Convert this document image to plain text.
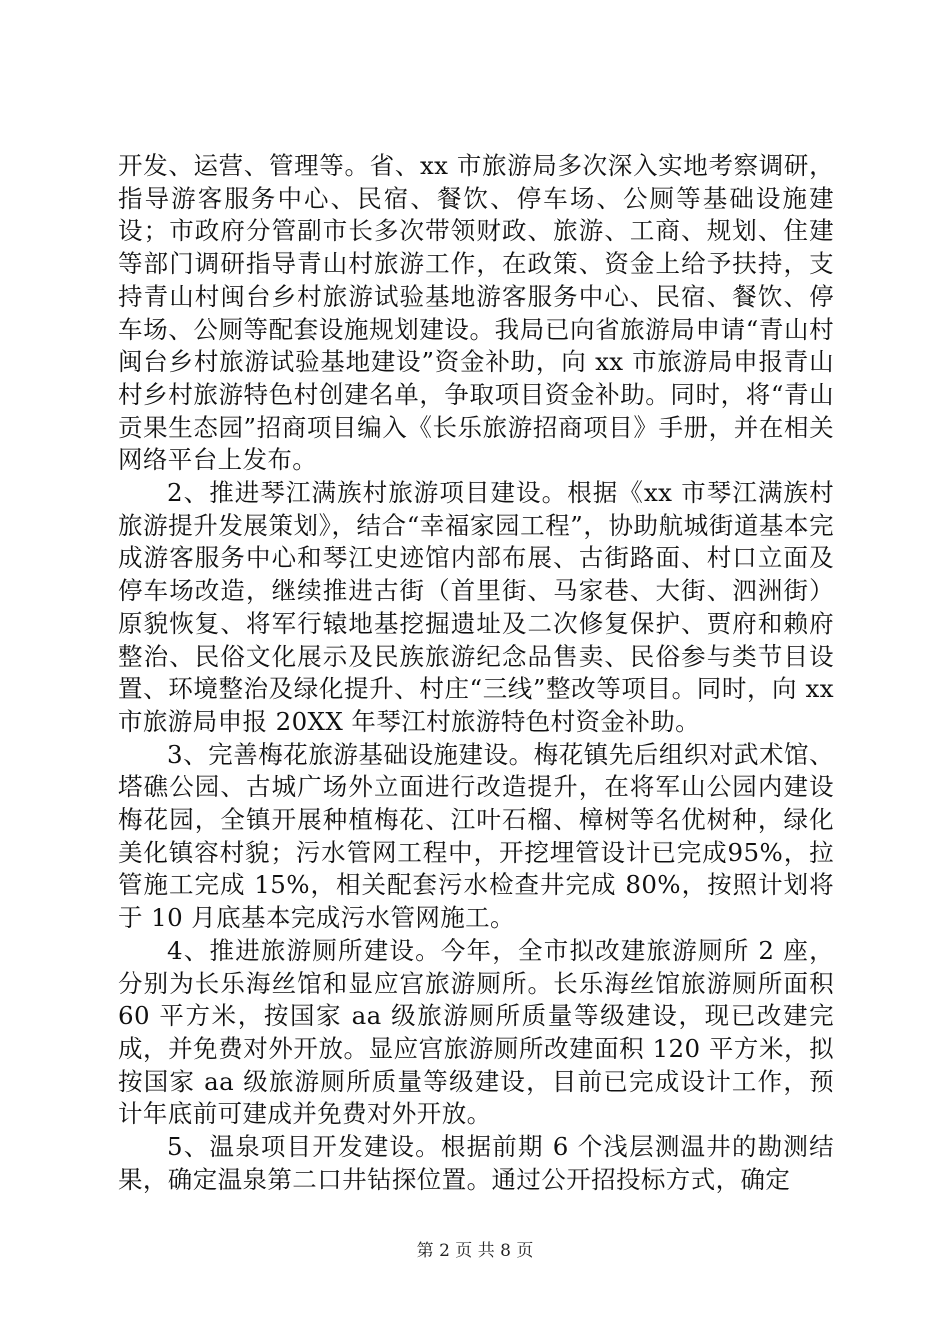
开发、运营、管理等。省、xx 市旅游局多次深入实地考察调研，指导游客服务中心、民宿、餐饮、停车场、公厕等基础设施建设；市政府分管副市长多次带领财政、旅游、工商、规划、住建等部门调研指导青山村旅游工作，在政策、资金上给予扶持，支持青山村闽台乡村旅游试验基地游客服务中心、民宿、餐饮、停车场、公厕等配套设施规划建设。我局已向省旅游局申请“青山村闽台乡村旅游试验基地建设”资金补助，向 xx 市旅游局申报青山村乡村旅游特色村创建名单，争取项目资金补助。同时，将“青山贡果生态园”招商项目编入《长乐旅游招商项目》手册，并在相关网络平台上发布。

2、推进琴江满族村旅游项目建设。根据《xx 市琴江满族村旅游提升发展策划》，结合“幸福家园工程”，协助航城街道基本完成游客服务中心和琴江史迹馆内部布展、古街路面、村口立面及停车场改造，继续推进古街（首里街、马家巷、大街、泗洲街）原貌恢复、将军行辕地基挖掘遗址及二次修复保护、贾府和赖府整治、民俗文化展示及民族旅游纪念品售卖、民俗参与类节目设置、环境整治及绿化提升、村庄“三线”整改等项目。同时，向 xx 市旅游局申报 20XX 年琴江村旅游特色村资金补助。

3、完善梅花旅游基础设施建设。梅花镇先后组织对武术馆、塔礁公园、古城广场外立面进行改造提升，在将军山公园内建设梅花园，全镇开展种植梅花、江叶石榴、樟树等名优树种，绿化美化镇容村貌；污水管网工程中，开挖埋管设计已完成95%，拉管施工完成 15%，相关配套污水检查井完成 80%，按照计划将于 10 月底基本完成污水管网施工。

4、推进旅游厕所建设。今年，全市拟改建旅游厕所 2 座，分别为长乐海丝馆和显应宫旅游厕所。长乐海丝馆旅游厕所面积 60 平方米，按国家 aa 级旅游厕所质量等级建设，现已改建完成，并免费对外开放。显应宫旅游厕所改建面积 120 平方米，拟按国家 aa 级旅游厕所质量等级建设，目前已完成设计工作，预计年底前可建成并免费对外开放。

5、温泉项目开发建设。根据前期 6 个浅层测温井的勘测结果，确定温泉第二口井钻探位置。通过公开招投标方式，确定

第 2 页 共 8 页
